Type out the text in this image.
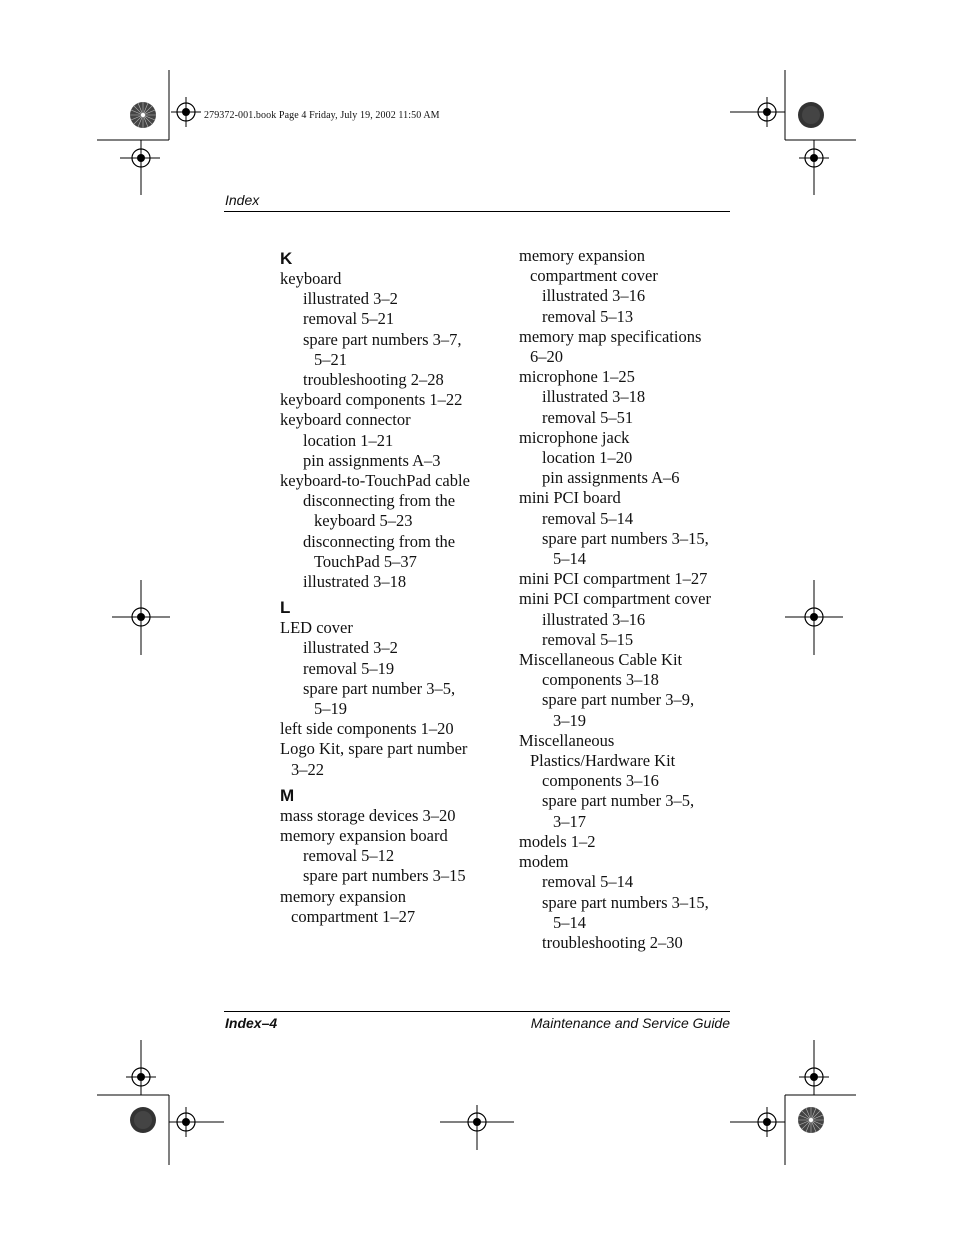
279372-001.book Page 4 Friday, July 19, 2002 11:50 AM
Index
K
keyboard
illustrated 3–2
removal 5–21
spare part numbers 3–7,
5–21
troubleshooting 2–28
keyboard components 1–22
keyboard connector
location 1–21
pin assignments A–3
keyboard-to-TouchPad cable
disconnecting from the
keyboard 5–23
disconnecting from the
TouchPad 5–37
illustrated 3–18
L
LED cover
illustrated 3–2
removal 5–19
spare part number 3–5,
5–19
left side components 1–20
Logo Kit, spare part number
3–22
M
mass storage devices 3–20
memory expansion board
removal 5–12
spare part numbers 3–15
memory expansion
compartment 1–27
memory expansion
compartment cover
illustrated 3–16
removal 5–13
memory map specifications
6–20
microphone 1–25
illustrated 3–18
removal 5–51
microphone jack
location 1–20
pin assignments A–6
mini PCI board
removal 5–14
spare part numbers 3–15,
5–14
mini PCI compartment 1–27
mini PCI compartment cover
illustrated 3–16
removal 5–15
Miscellaneous Cable Kit
components 3–18
spare part number 3–9,
3–19
Miscellaneous
Plastics/Hardware Kit
components 3–16
spare part number 3–5,
3–17
models 1–2
modem
removal 5–14
spare part numbers 3–15,
5–14
troubleshooting 2–30
Index–4	Maintenance and Service Guide
